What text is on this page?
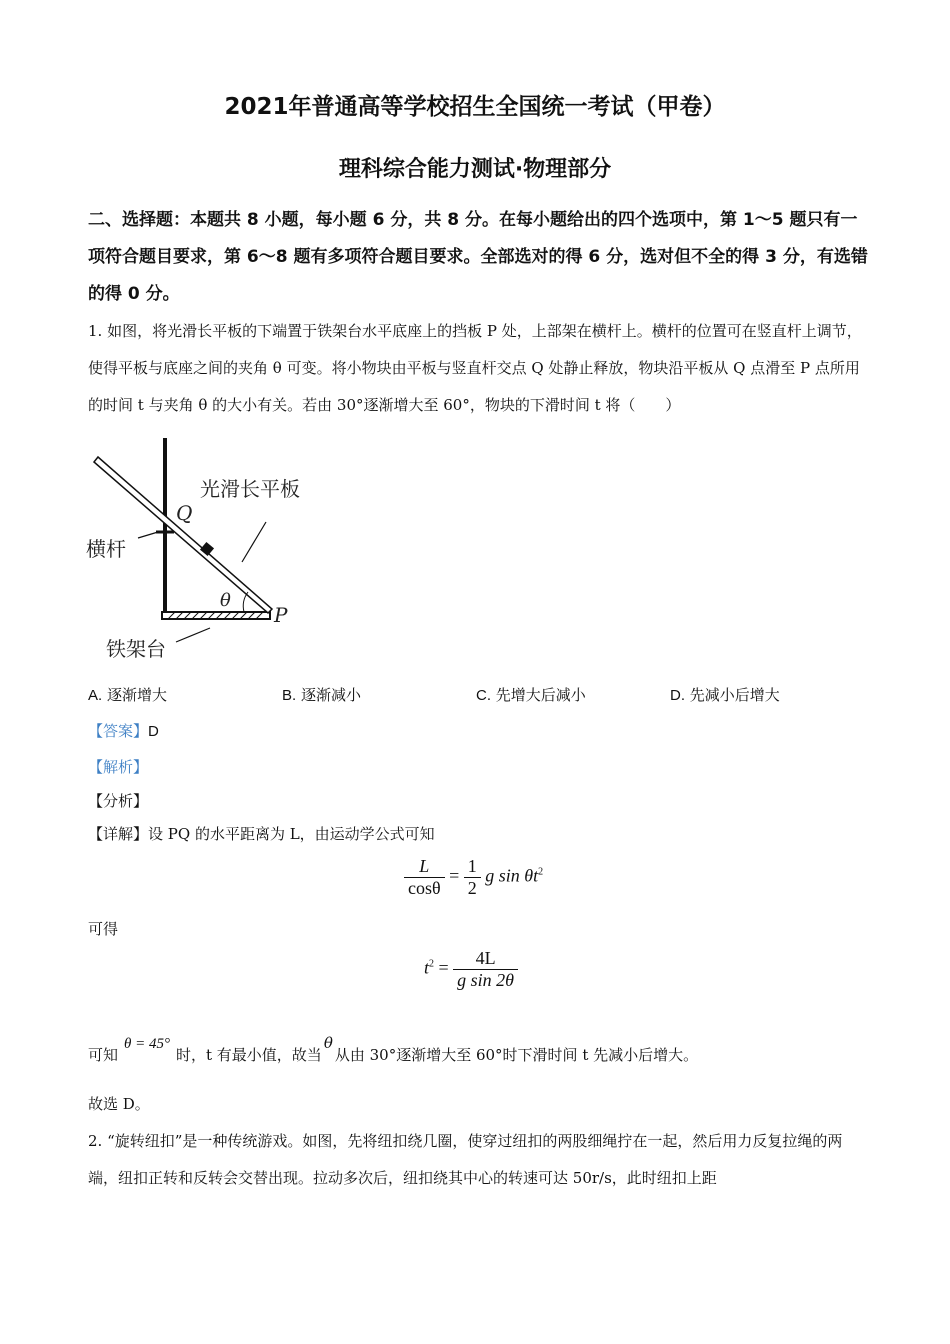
2021年普通高等学校招生全国统一考试（甲卷）
理科综合能力测试·物理部分
二、选择题：本题共 8 小题，每小题 6 分，共 8 分。在每小题给出的四个选项中，第 1～5 题只有一项符合题目要求，第 6～8 题有多项符合题目要求。全部选对的得 6 分，选对但不全的得 3 分，有选错的得 0 分。
1. 如图，将光滑长平板的下端置于铁架台水平底座上的挡板 P 处，上部架在横杆上。横杆的位置可在竖直杆上调节，使得平板与底座之间的夹角 θ 可变。将小物块由平板与竖直杆交点 Q 处静止释放，物块沿平板从 Q 点滑至 P 点所用的时间 t 与夹角 θ 的大小有关。若由 30°逐渐增大至 60°，物块的下滑时间 t 将（　　）
光滑长平板
横杆
铁架台
Q
P
θ
A. 逐渐增大	B. 逐渐减小	C. 先增大后减小	D. 先减小后增大
【答案】D
【解析】
【分析】
【详解】设 PQ 的水平距离为 L，由运动学公式可知
$\frac{L}{\cos\theta} = \frac{1}{2}$ g $\sin \theta t^2$
可得
$t^2 = \frac{4L}{\text{g sin 2θ}}$
可知θ = 45°时，t 有最小值，故当θ从由 30°逐渐增大至 60°时下滑时间 t 先减小后增大。
故选 D。
2. “旋转纽扣”是一种传统游戏。如图，先将纽扣绕几圈，使穿过纽扣的两股细绳拧在一起，然后用力反复拉绳的两端，纽扣正转和反转会交替出现。拉动多次后，纽扣绕其中心的转速可达 50r/s，此时纽扣上距
